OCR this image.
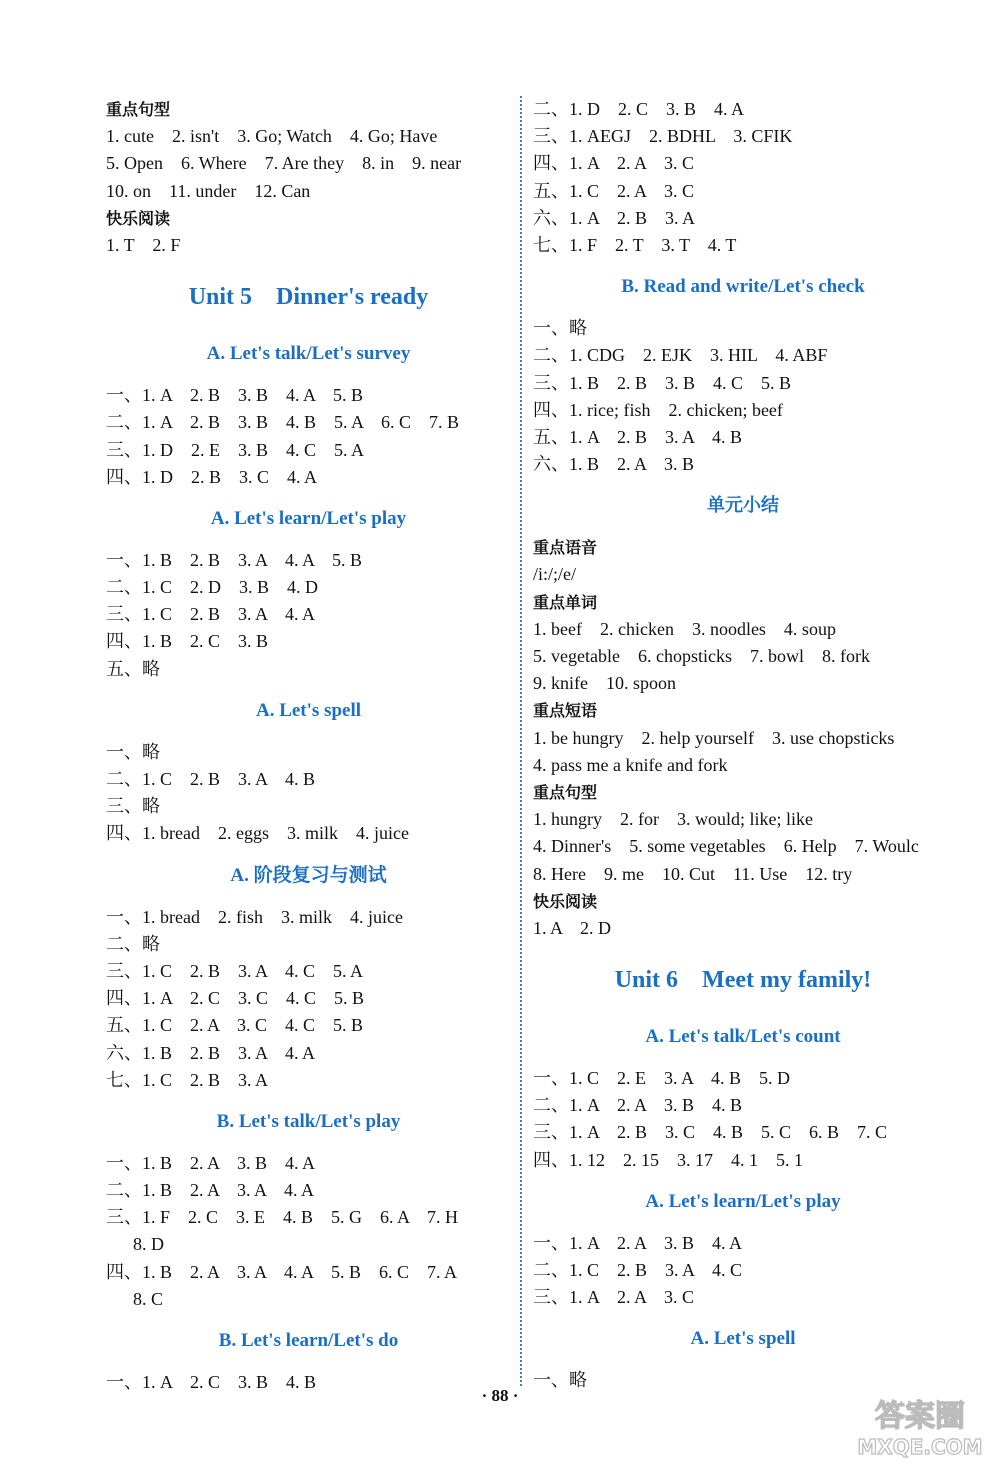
重点句型
1. cute    2. isn't    3. Go; Watch    4. Go; Have
5. Open    6. Where    7. Are they    8. in    9. near
10. on    11. under    12. Can
快乐阅读
1. T    2. F
Unit 5    Dinner's ready
A. Let's talk/Let's survey
一、1. A    2. B    3. B    4. A    5. B
二、1. A    2. B    3. B    4. B    5. A    6. C    7. B
三、1. D    2. E    3. B    4. C    5. A
四、1. D    2. B    3. C    4. A
A. Let's learn/Let's play
一、1. B    2. B    3. A    4. A    5. B
二、1. C    2. D    3. B    4. D
三、1. C    2. B    3. A    4. A
四、1. B    2. C    3. B
五、略
A. Let's spell
一、略
二、1. C    2. B    3. A    4. B
三、略
四、1. bread    2. eggs    3. milk    4. juice
A. 阶段复习与测试
一、1. bread    2. fish    3. milk    4. juice
二、略
三、1. C    2. B    3. A    4. C    5. A
四、1. A    2. C    3. C    4. C    5. B
五、1. C    2. A    3. C    4. C    5. B
六、1. B    2. B    3. A    4. A
七、1. C    2. B    3. A
B. Let's talk/Let's play
一、1. B    2. A    3. B    4. A
二、1. B    2. A    3. A    4. A
三、1. F    2. C    3. E    4. B    5. G    6. A    7. H
8. D
四、1. B    2. A    3. A    4. A    5. B    6. C    7. A
8. C
B. Let's learn/Let's do
一、1. A    2. C    3. B    4. B
二、1. D    2. C    3. B    4. A
三、1. AEGJ    2. BDHL    3. CFIK
四、1. A    2. A    3. C
五、1. C    2. A    3. C
六、1. A    2. B    3. A
七、1. F    2. T    3. T    4. T
B. Read and write/Let's check
一、略
二、1. CDG    2. EJK    3. HIL    4. ABF
三、1. B    2. B    3. B    4. C    5. B
四、1. rice; fish    2. chicken; beef
五、1. A    2. B    3. A    4. B
六、1. B    2. A    3. B
单元小结
重点语音
/i:/;/e/
重点单词
1. beef    2. chicken    3. noodles    4. soup
5. vegetable    6. chopsticks    7. bowl    8. fork
9. knife    10. spoon
重点短语
1. be hungry    2. help yourself    3. use chopsticks
4. pass me a knife and fork
重点句型
1. hungry    2. for    3. would; like; like
4. Dinner's    5. some vegetables    6. Help    7. Woulc
8. Here    9. me    10. Cut    11. Use    12. try
快乐阅读
1. A    2. D
Unit 6    Meet my family!
A. Let's talk/Let's count
一、1. C    2. E    3. A    4. B    5. D
二、1. A    2. A    3. B    4. B
三、1. A    2. B    3. C    4. B    5. C    6. B    7. C
四、1. 12    2. 15    3. 17    4. 1    5. 1
A. Let's learn/Let's play
一、1. A    2. A    3. B    4. A
二、1. C    2. B    3. A    4. C
三、1. A    2. A    3. C
A. Let's spell
一、略
· 88 ·
答案圈
MXQE.COM
